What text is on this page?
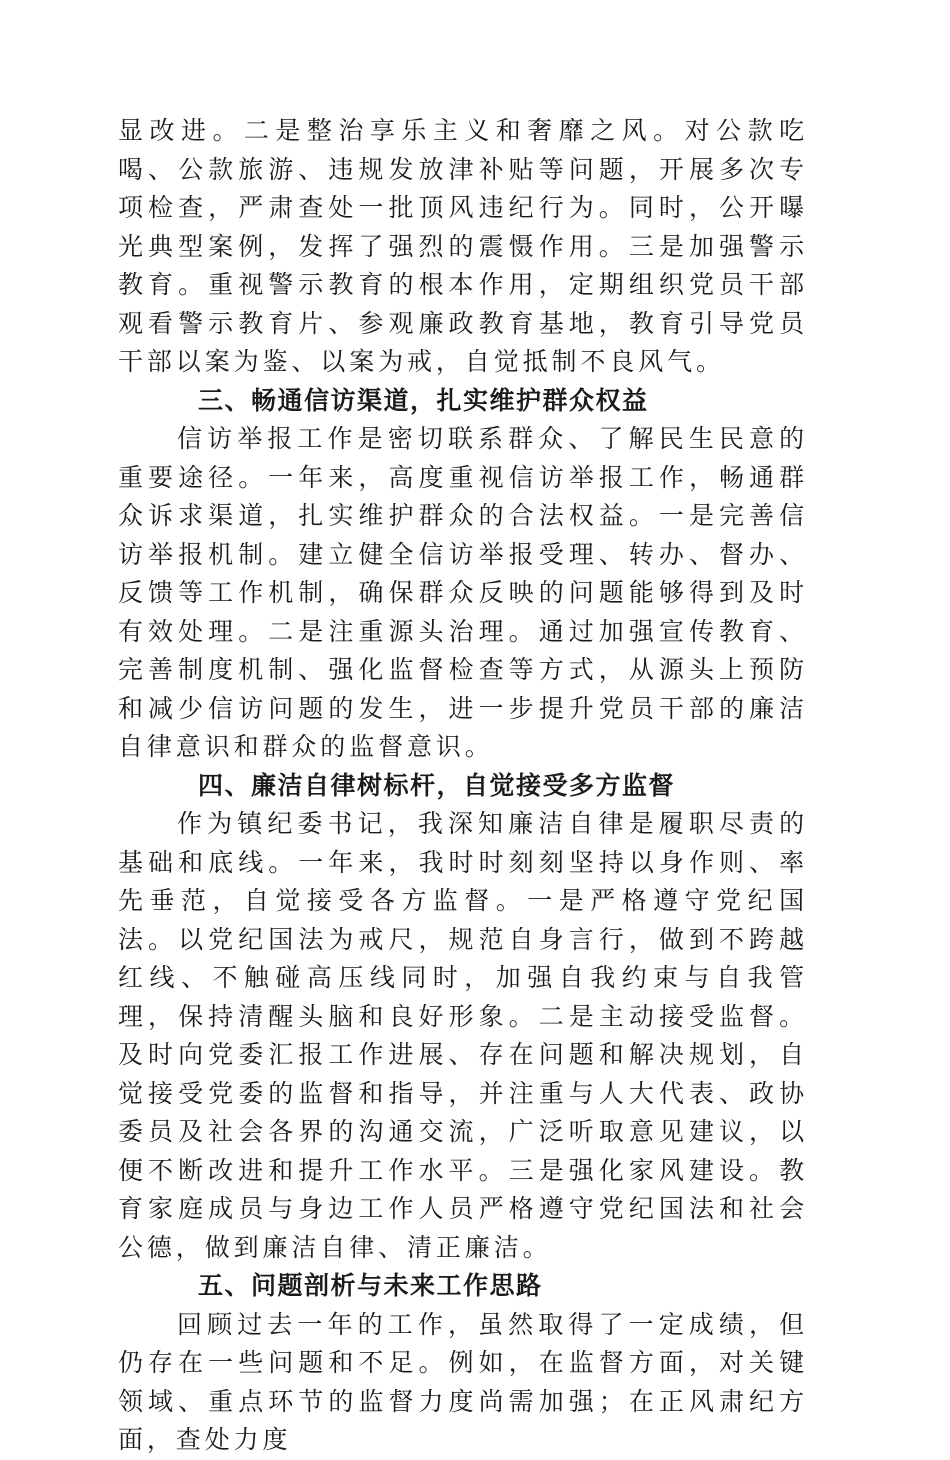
显改进。二是整治享乐主义和奢靡之风。对公款吃喝、公款旅游、违规发放津补贴等问题，开展多次专项检查，严肃查处一批顶风违纪行为。同时，公开曝光典型案例，发挥了强烈的震慑作用。三是加强警示教育。重视警示教育的根本作用，定期组织党员干部观看警示教育片、参观廉政教育基地，教育引导党员干部以案为鉴、以案为戒，自觉抵制不良风气。

三、畅通信访渠道，扎实维护群众权益

信访举报工作是密切联系群众、了解民生民意的重要途径。一年来，高度重视信访举报工作，畅通群众诉求渠道，扎实维护群众的合法权益。一是完善信访举报机制。建立健全信访举报受理、转办、督办、反馈等工作机制，确保群众反映的问题能够得到及时有效处理。二是注重源头治理。通过加强宣传教育、完善制度机制、强化监督检查等方式，从源头上预防和减少信访问题的发生，进一步提升党员干部的廉洁自律意识和群众的监督意识。

四、廉洁自律树标杆，自觉接受多方监督

作为镇纪委书记，我深知廉洁自律是履职尽责的基础和底线。一年来，我时时刻刻坚持以身作则、率先垂范，自觉接受各方监督。一是严格遵守党纪国法。以党纪国法为戒尺，规范自身言行，做到不跨越红线、不触碰高压线同时，加强自我约束与自我管理，保持清醒头脑和良好形象。二是主动接受监督。及时向党委汇报工作进展、存在问题和解决规划，自觉接受党委的监督和指导，并注重与人大代表、政协委员及社会各界的沟通交流，广泛听取意见建议，以便不断改进和提升工作水平。三是强化家风建设。教育家庭成员与身边工作人员严格遵守党纪国法和社会公德，做到廉洁自律、清正廉洁。

五、问题剖析与未来工作思路

回顾过去一年的工作，虽然取得了一定成绩，但仍存在一些问题和不足。例如，在监督方面，对关键领域、重点环节的监督力度尚需加强；在正风肃纪方面，查处力度
